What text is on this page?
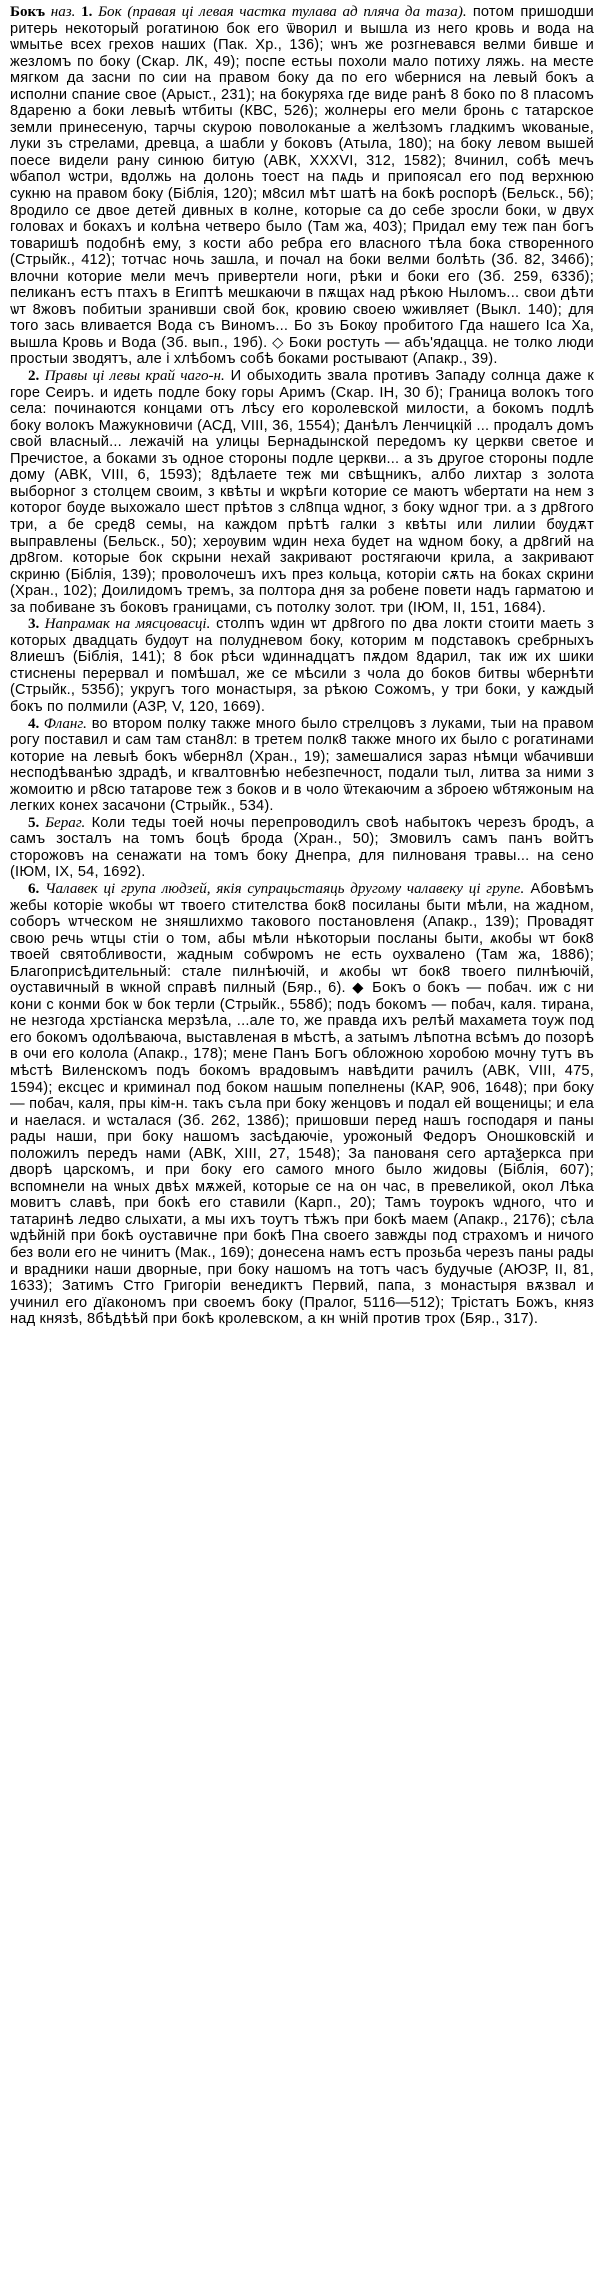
Бокъ наз. 1. Бок (правая ці левая частка тулава ад пляча да таза). потом пришодши ритерь некоторый рогатиною бок его ѿворил и вышла из него кровь и вода на ѡмытье всех грехов наших (Пак. Хр., 136); ѡнъ же розгневався велми бивше и жезломъ по боку (Скар. ЛК, 49); поспе естьы похоли мало потиху ляжь. на месте мягком да засни по сии на правом боку да по его ѡбернися на левый бокъ а исполни спание свое (Арыст., 231); на бокуряха где виде ранѣ 8 боко по 8 пласомъ 8дареню а боки левыѣ ѡтбиты (КВС, 526); жолнеры его мели бронь с татарское земли принесеную, тарчы скурою поволоканые а желѣзомъ гладкимъ ѡкованые, луки зъ стрелами, древца, а шабли у боковъ (Атыла, 180); на боку левом вышей поесе видели рану синюю битую (АВК, XXXVI, 312, 1582); 8чинил, собѣ мечъ ѡбапол ѡстри, вдолжь на долонь тоест на пѧдь и припоясал его под верхнюю сукню на правом боку (Біблія, 120); м8сил мѣт шатѣ на бокѣ роспорѣ (Бельск., 56); 8родило се двое детей дивных в колне, которые са до себе зросли боки, ѡ двух головах и бокахъ и колѣна четверо было (Там жа, 403); Придал ему теж пан богъ товаришѣ подобнѣ ему, з кости або ребра его власного тѣла бока створенного (Стрыйк., 412); тотчас ночь зашла, и почал на боки велми болѣть (Зб. 82, 346б); влочни которие мели мечъ привертели ноги, рѣки и боки его (Зб. 259, 633б); пеликанъ естъ птахъ в Египтѣ мешкаючи в пѫщах над рѣкою Ныломъ... свои дѣти ѡт 8жовъ побитыи зранивши свой бок, кровию своею ѡживляет (Выкл. 140); для того зась вливается Вода съ Виномъ... Бо зъ Бокѹ пробитого Гда нашего Іса Ха, вышла Кровь и Вода (Зб. вып., 19б). ◇ Боки ростуть — абъ'ядацца. не толко люди простыи зводятъ, але і хлѣбомъ собѣ боками ростывают (Апакр., 39).

2. Правы ці левы край чаго-н. И обыходить звала противъ Западу солнца даже к горе Сеиръ. и идеть подле боку горы Аримъ (Скар. ІН, 30 б); Граница волокъ того села: починаются концами отъ лѣсу его королевской милости, а бокомъ подлѣ боку волокъ Мажукновичи (АСД, VIII, 36, 1554); Данѣлъ Ленчицкій ... продалъ домъ свой власный... лежачій на улицы Бернадынской передомъ ку церкви светое и Пречистое, а боками зъ одное стороны подле церкви... а зъ другое стороны подле дому (АВК, VIII, 6, 1593); 8дѣлаете теж ми свѣщникъ, албо лихтар з золота выборног з столцем своим, з квѣты и ѡкрѣги которие се маютъ ѡбертати на нем з которог бѹде выхожало шест прѣтов з сл8пца ѡдног, з боку ѡдног три. а з др8гого три, а бе сред8 семы, на каждом прѣтѣ галки з квѣты или лилии бѹдѫт выправлены (Бельск., 50); херѹвим ѡдин неха будет на ѡдном боку, а др8гий на др8гом. которые бок скрыни нехай закривают ростягаючи крила, а закривают скриню (Біблія, 139); проволочешъ ихъ през кольца, которіи сѫть на боках скрини (Хран., 102); Доилидомъ тремъ, за полтора дня за робене повети надъ гарматою и за побиване зъ боковъ границами, съ потолку золот. три (ІЮМ, ІІ, 151, 1684).

3. Напрамак на мясцовасці. столпъ ѡдин ѡт др8гого по два локти стоити маеть з которых двадцать будѹт на полудневом боку, которим м подставокъ сребрныхъ 8лиешъ (Біблія, 141); 8 бок рѣси ѡдиннадцатъ пѫдом 8дарил, так иж их шики стиснены перервал и помѣшал, же се мѣсили з чола до боков битвы ѡбернѣти (Стрыйк., 535б); укругъ того монастыря, за рѣкою Сожомъ, у три боки, у каждый бокъ по полмили (АЗР, V, 120, 1669).

4. Фланг. во втором полку также много было стрелцовъ з луками, тыи на правом рогу поставил и сам там стан8л: в третем полк8 также много их было с рогатинами которие на левыѣ бокъ ѡберн8л (Хран., 19); замешалися зараз нѣмци ѡбачивши несподѣванѣю здрадѣ, и кгвалтовнѣю небезпечност, подали тыл, литва за ними з жомоитю и р8сю татарове теж з боков и в чоло ѿтекаючим а зброею ѡбтяжоным на легких конех засачони (Стрыйк., 534).

5. Бераг. Коли теды тоей ночы перепроводилъ своѣ набытокъ черезъ бродъ, а самъ зосталъ на томъ боцѣ брода (Хран., 50); Змовилъ самъ панъ войтъ сторожовъ на сенажати на томъ боку Днепра, для пилнованя травы... на сено (ІЮМ, ІХ, 54, 1692).

6. Чалавек ці група людзей, якія супрацьстаяць другому чалавеку ці групе. Абовѣмъ жебы которіе ѡкобы ѡт твоего стителства бок8 посиланы быти мѣли, на жадном, соборъ ѡтческом не зняшлихмо такового постановленя (Апакр., 139); Провадят свою речь ѡтцы стіи о том, абы мѣли нѣкоторыи посланы быти, ѧкобы ѡт бок8 твоей святобливости, жадным собѡромъ не есть оухвалено (Там жа, 1886); Благоприсѣдительный: стале пилнѣючій, и ѧкобы ѡт бок8 твоего пилнѣючій, оуставичный в ѡкной справѣ пилный (Бяр., 6). ◆ Бокъ о бокъ — побач. иж с ни кони с конми бок ѡ бок терли (Стрыйк., 558б); подъ бокомъ — побач, каля. тирана, не незгода хрстіанска мерзѣла, ...але то, же правда ихъ релѣй махамета тоуж под его бокомъ одолѣваюча, выставленая в мѣстѣ, а затымъ лѣпотна всѣмъ до позорѣ в очи его колола (Апакр., 178); мене Панъ Богъ обложною хоробою мочну тутъ въ мѣстѣ Виленскомъ подъ бокомъ врадовымъ навѣдити рачилъ (АВК, VIII, 475, 1594); ексцес и криминал под боком нашым попелнены (КАР, 906, 1648); при боку — побач, каля, пры кім-н. такъ съла при боку женцовъ и подал ей вощеницы; и ела и наелася. и ѡсталася (Зб. 262, 138б); пришовши перед нашъ господаря и паны рады наши, при боку нашомъ засѣдаючіе, урожоный Федоръ Оношковскій и положилъ передъ нами (АВК, ХІІІ, 27, 1548); За панованя сего артаѯеркса при дворѣ царскомъ, и при боку его самого много было жидовы (Біблія, 607); вспомнели на ѡных двѣх мѫжей, которые се на он час, в превеликой, окол Лѣка мовитъ славѣ, при бокѣ его ставили (Карп., 20); Тамъ тоурокъ ѡдного, что и татаринѣ ледво слыхати, а мы ихъ тоутъ тѣжъ при бокѣ маем (Апакр., 2176); сѣла ѡдѣйній при бокѣ оуставичне при бокѣ Пна своего завжды под страхомъ и ничого без воли его не чинитъ (Мак., 169); донесена намъ естъ прозьба черезъ паны рады и врадники наши дворные, при боку нашомъ на тотъ часъ будучые (АЮЗР, ІІ, 81, 1633); Затимъ Стго Григоріи венедиктъ Первий, папа, з монастыря вѫзвал и учинил его дїакономъ при своемъ боку (Пралог, 5116—512); Трістатъ Божъ, княз над князѣ, 8бѣдѣѣй при бокѣ кролевском, а кн ѡній против трох (Бяр., 317).
